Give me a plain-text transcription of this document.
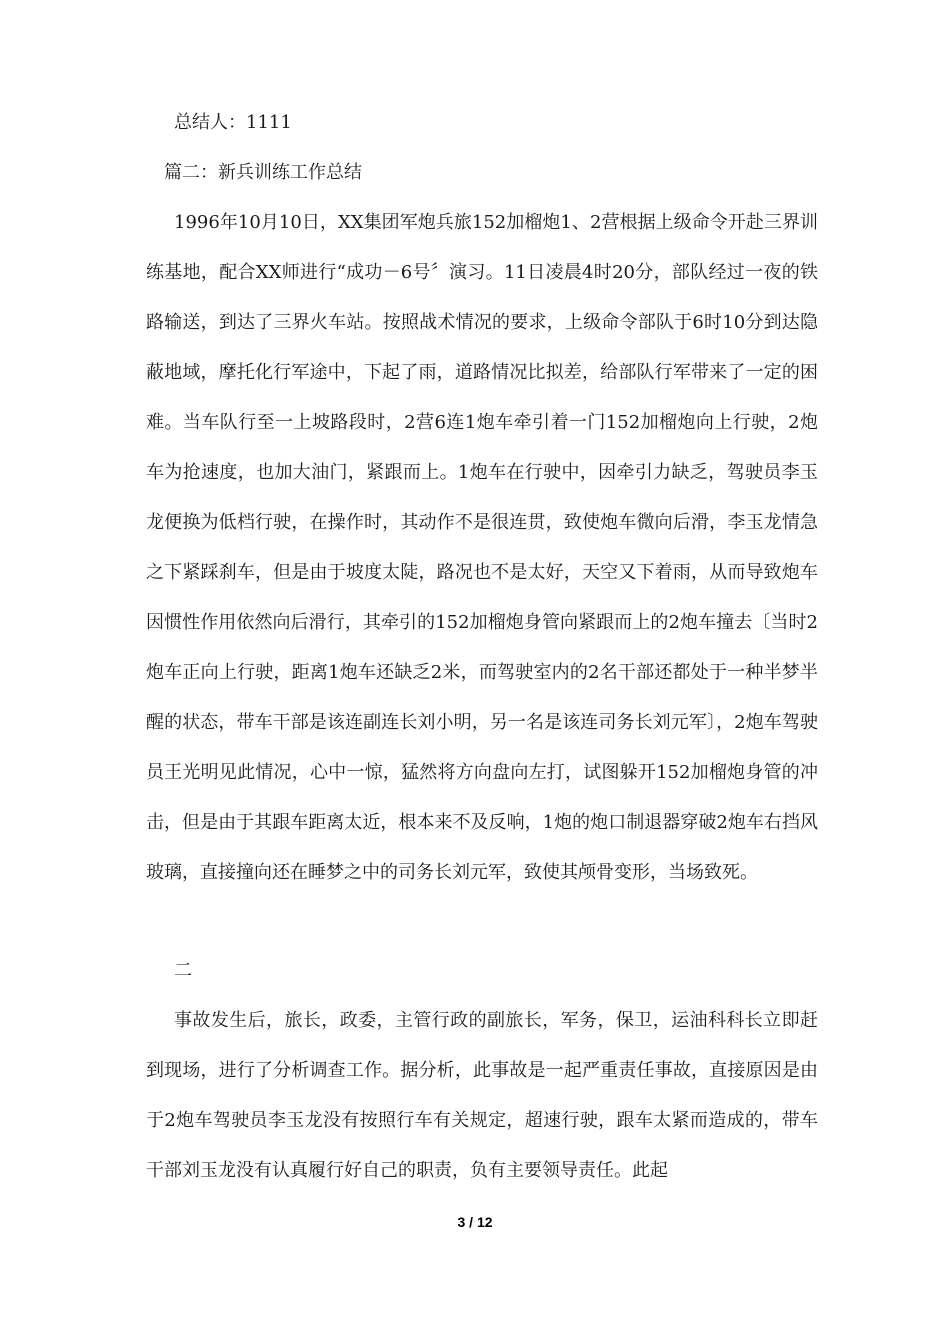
总结人：1111
篇二：新兵训练工作总结
1996年10月10日，XX集团军炮兵旅152加榴炮1、2营根据上级命令开赴三界训练基地，配合XX师进行“成功－6号〞演习。11日凌晨4时20分，部队经过一夜的铁路输送，到达了三界火车站。按照战术情况的要求，上级命令部队于6时10分到达隐蔽地域，摩托化行军途中，下起了雨，道路情况比拟差，给部队行军带来了一定的困难。当车队行至一上坡路段时，2营6连1炮车牵引着一门152加榴炮向上行驶，2炮车为抢速度，也加大油门，紧跟而上。1炮车在行驶中，因牵引力缺乏，驾驶员李玉龙便换为低档行驶，在操作时，其动作不是很连贯，致使炮车微向后滑，李玉龙情急之下紧踩刹车，但是由于坡度太陡，路况也不是太好，天空又下着雨，从而导致炮车因惯性作用依然向后滑行，其牵引的152加榴炮身管向紧跟而上的2炮车撞去〔当时2炮车正向上行驶，距离1炮车还缺乏2米，而驾驶室内的2名干部还都处于一种半梦半醒的状态，带车干部是该连副连长刘小明，另一名是该连司务长刘元军〕，2炮车驾驶员王光明见此情况，心中一惊，猛然将方向盘向左打，试图躲开152加榴炮身管的冲击，但是由于其跟车距离太近，根本来不及反响，1炮的炮口制退器穿破2炮车右挡风玻璃，直接撞向还在睡梦之中的司务长刘元军，致使其颅骨变形，当场致死。
二
事故发生后，旅长，政委，主管行政的副旅长，军务，保卫，运油科科长立即赶到现场，进行了分析调查工作。据分析，此事故是一起严重责任事故，直接原因是由于2炮车驾驶员李玉龙没有按照行车有关规定，超速行驶，跟车太紧而造成的，带车干部刘玉龙没有认真履行好自己的职责，负有主要领导责任。此起
3 / 12
